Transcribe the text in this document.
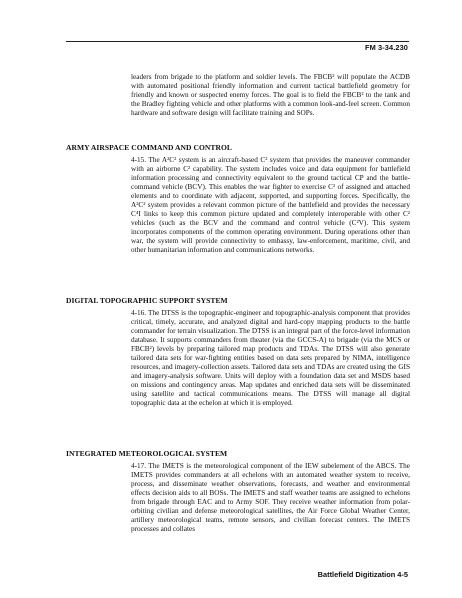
FM 3-34.230

leaders from brigade to the platform and soldier levels. The FBCB² will populate the ACDB with automated positional friendly information and current tactical battlefield geometry for friendly and known or suspected enemy forces. The goal is to field the FBCB² to the tank and the Bradley fighting vehicle and other platforms with a common look-and-feel screen. Common hardware and software design will facilitate training and SOPs.

ARMY AIRSPACE COMMAND AND CONTROL

4-15. The A²C² system is an aircraft-based C² system that provides the maneuver commander with an airborne C² capability. The system includes voice and data equipment for battlefield information processing and connectivity equivalent to the ground tactical CP and the battle-command vehicle (BCV). This enables the war fighter to exercise C² of assigned and attached elements and to coordinate with adjacent, supported, and supporting forces. Specifically, the A²C² system provides a relevant common picture of the battlefield and provides the necessary C⁴I links to keep this common picture updated and completely interoperable with other C² vehicles (such as the BCV and the command and control vehicle (C²V). This system incorporates components of the common operating environment. During operations other than war, the system will provide connectivity to embassy, law-enforcement, maritime, civil, and other humanitarian information and communications networks.

DIGITAL TOPOGRAPHIC SUPPORT SYSTEM

4-16. The DTSS is the topographic-engineer and topographic-analysis component that provides critical, timely, accurate, and analyzed digital and hard-copy mapping products to the battle commander for terrain visualization. The DTSS is an integral part of the force-level information database. It supports commanders from theater (via the GCCS-A) to brigade (via the MCS or FBCB²) levels by preparing tailored map products and TDAs. The DTSS will also generate tailored data sets for war-fighting entities based on data sets prepared by NIMA, intelligence resources, and imagery-collection assets. Tailored data sets and TDAs are created using the GIS and imagery-analysis software. Units will deploy with a foundation data set and MSDS based on missions and contingency areas. Map updates and enriched data sets will be disseminated using satellite and tactical communications means. The DTSS will manage all digital topographic data at the echelon at which it is employed.

INTEGRATED METEOROLOGICAL SYSTEM

4-17. The IMETS is the meteorological component of the IEW subelement of the ABCS. The IMETS provides commanders at all echelons with an automated weather system to receive, process, and disseminate weather observations, forecasts, and weather and environmental effects decision aids to all BOSs. The IMETS and staff weather teams are assigned to echelons from brigade through EAC and to Army SOF. They receive weather information from polar-orbiting civilian and defense meteorological satellites, the Air Force Global Weather Center, artillery meteorological teams, remote sensors, and civilian forecast centers. The IMETS processes and collates

Battlefield Digitization 4-5
